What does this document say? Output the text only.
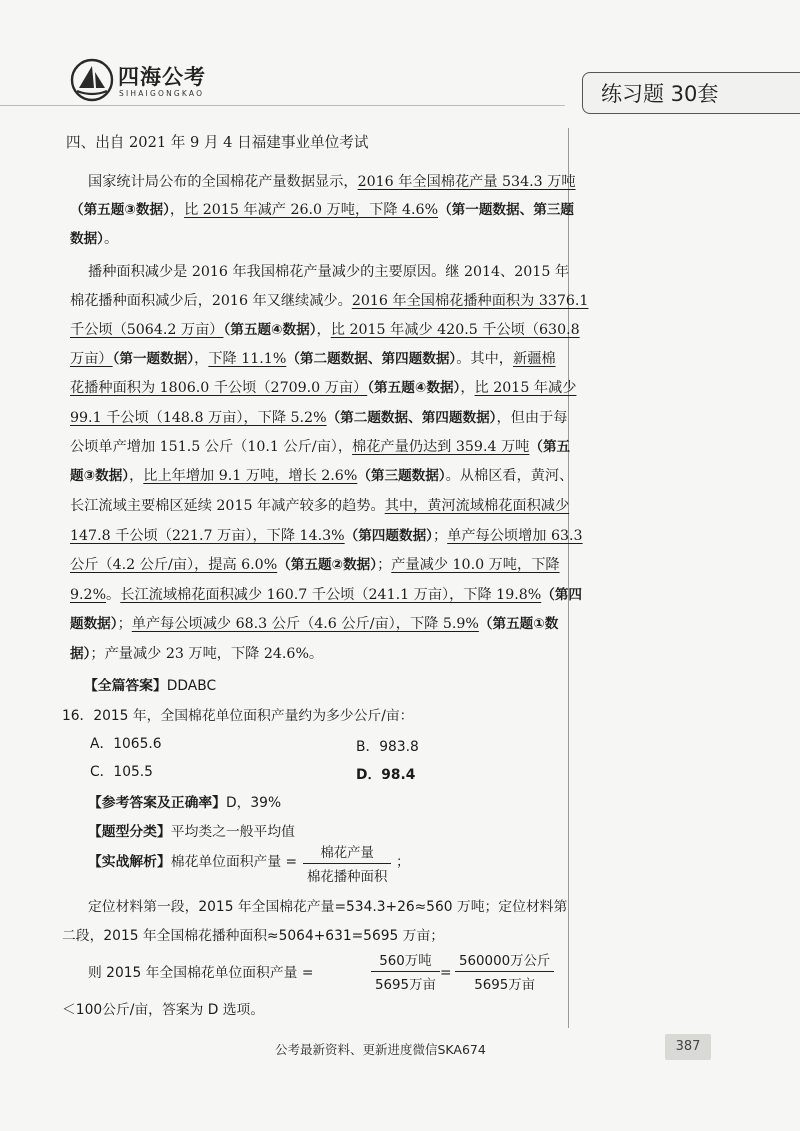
四海公考
SIHAIGONGKAO	练习题 30套
四、出自 2021 年 9 月 4 日福建事业单位考试
国家统计局公布的全国棉花产量数据显示，2016 年全国棉花产量 534.3 万吨
（第五题③数据），比 2015 年减产 26.0 万吨，下降 4.6%（第一题数据、第三题
数据）。
播种面积减少是 2016 年我国棉花产量减少的主要原因。继 2014、2015 年
棉花播种面积减少后，2016 年又继续减少。2016 年全国棉花播种面积为 3376.1
千公顷（5064.2 万亩）（第五题④数据），比 2015 年减少 420.5 千公顷（630.8
万亩）（第一题数据），下降 11.1%（第二题数据、第四题数据）。其中，新疆棉
花播种面积为 1806.0 千公顷（2709.0 万亩）（第五题④数据），比 2015 年减少
99.1 千公顷（148.8 万亩），下降 5.2%（第二题数据、第四题数据），但由于每
公顷单产增加 151.5 公斤（10.1 公斤/亩），棉花产量仍达到 359.4 万吨（第五
题③数据），比上年增加 9.1 万吨，增长 2.6%（第三题数据）。从棉区看，黄河、
长江流域主要棉区延续 2015 年减产较多的趋势。其中，黄河流域棉花面积减少
147.8 千公顷（221.7 万亩），下降 14.3%（第四题数据）；单产每公顷增加 63.3
公斤（4.2 公斤/亩），提高 6.0%（第五题②数据）；产量减少 10.0 万吨，下降
9.2%。长江流域棉花面积减少 160.7 千公顷（241.1 万亩），下降 19.8%（第四
题数据）；单产每公顷减少 68.3 公斤（4.6 公斤/亩），下降 5.9%（第五题①数
据）；产量减少 23 万吨，下降 24.6%。
【全篇答案】DDABC
16．2015 年，全国棉花单位面积产量约为多少公斤/亩：
A．1065.6	B．983.8
C．105.5	D．98.4
【参考答案及正确率】D，39%
【题型分类】平均类之一般平均值
【实战解析】棉花单位面积产量 =
棉花产量
棉花播种面积
；
定位材料第一段，2015 年全国棉花产量=534.3+26≈560 万吨；定位材料第
二段，2015 年全国棉花播种面积≈5064+631=5695 万亩；
则 2015 年全国棉花单位面积产量 =
560万吨
5695万亩
=
560000万公斤
5695万亩
＜100公斤/亩，答案为 D 选项。
公考最新资料、更新进度微信SKA674	387
